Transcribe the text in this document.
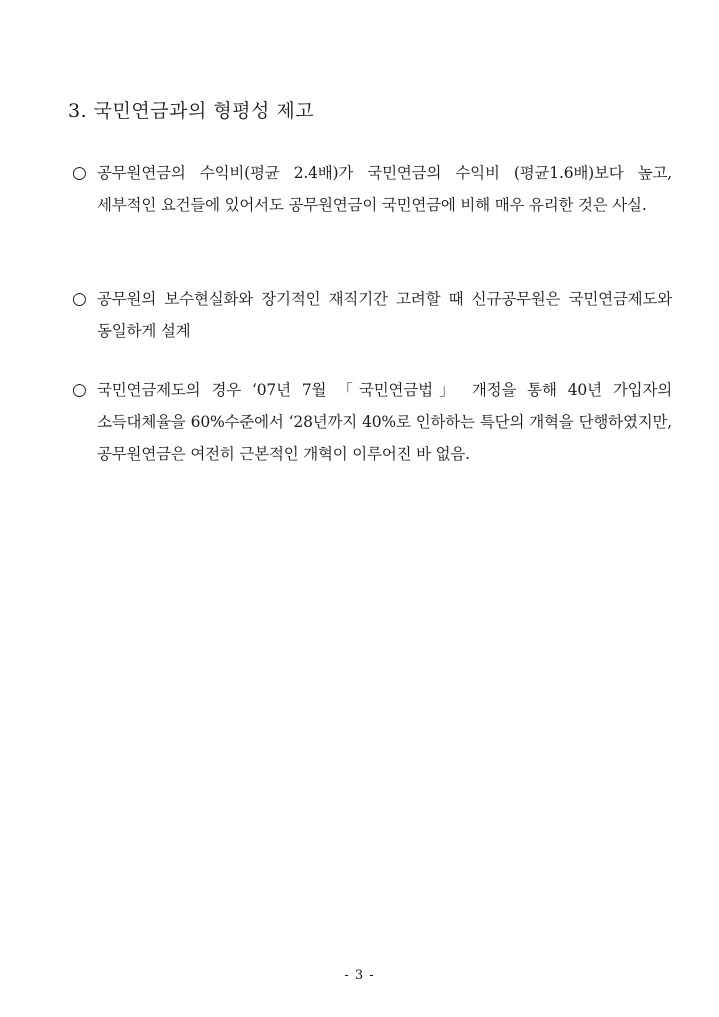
3. 국민연금과의 형평성 제고
○ 공무원연금의 수익비(평균 2.4배)가 국민연금의 수익비 (평균1.6배)보다 높고, 세부적인 요건들에 있어서도 공무원연금이 국민연금에 비해 매우 유리한 것은 사실.
○ 공무원의 보수현실화와 장기적인 재직기간 고려할 때 신규공무원은 국민연금제도와 동일하게 설계
○ 국민연금제도의 경우 ‘07년 7월 「국민연금법」 개정을 통해 40년 가입자의 소득대체율을 60%수준에서 ‘28년까지 40%로 인하하는 특단의 개혁을 단행하였지만, 공무원연금은 여전히 근본적인 개혁이 이루어진 바 없음.
- 3 -
